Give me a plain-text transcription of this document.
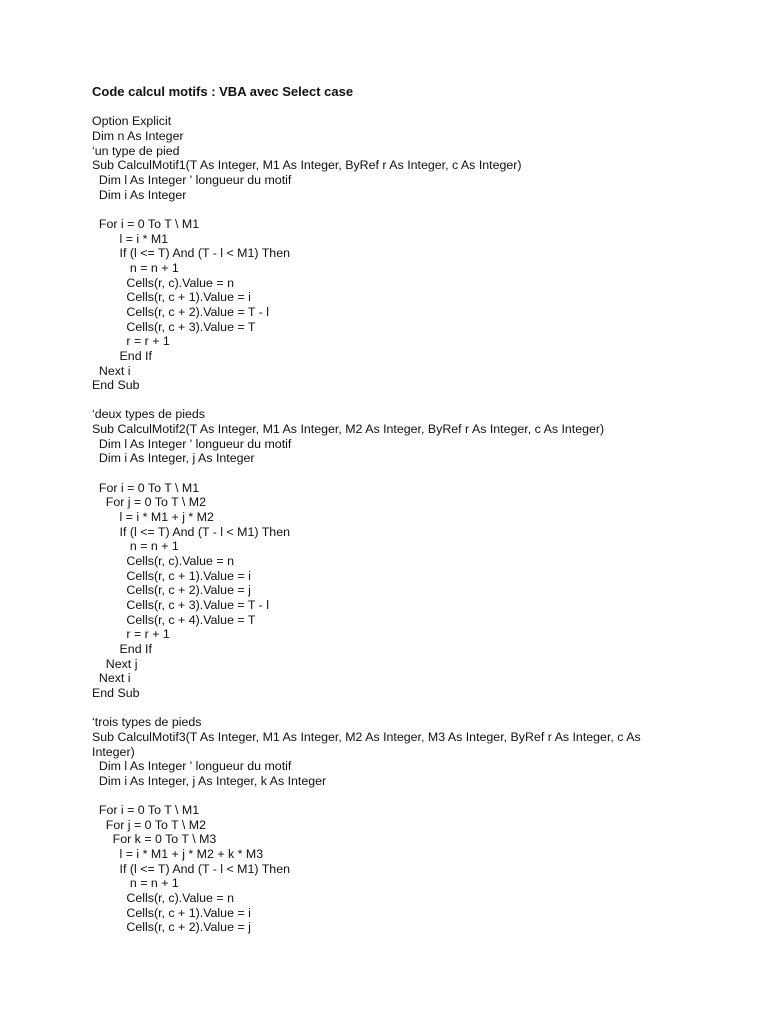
Code calcul motifs : VBA avec Select case
Option Explicit
Dim n As Integer
‘un type de pied
Sub CalculMotif1(T As Integer, M1 As Integer, ByRef r As Integer, c As Integer)
Dim l As Integer ' longueur du motif
Dim i As Integer
For i = 0 To T \ M1
l = i * M1
If (l <= T) And (T - l < M1) Then
n = n + 1
Cells(r, c).Value = n
Cells(r, c + 1).Value = i
Cells(r, c + 2).Value = T - l
Cells(r, c + 3).Value = T
r = r + 1
End If
Next i
End Sub
‘deux types de pieds
Sub CalculMotif2(T As Integer, M1 As Integer, M2 As Integer, ByRef r As Integer, c As Integer)
Dim l As Integer ' longueur du motif
Dim i As Integer, j As Integer
For i = 0 To T \ M1
For j = 0 To T \ M2
l = i * M1 + j * M2
If (l <= T) And (T - l < M1) Then
n = n + 1
Cells(r, c).Value = n
Cells(r, c + 1).Value = i
Cells(r, c + 2).Value = j
Cells(r, c + 3).Value = T - l
Cells(r, c + 4).Value = T
r = r + 1
End If
Next j
Next i
End Sub
‘trois types de pieds
Sub CalculMotif3(T As Integer, M1 As Integer, M2 As Integer, M3 As Integer, ByRef r As Integer, c As
Integer)
Dim l As Integer ' longueur du motif
Dim i As Integer, j As Integer, k As Integer
For i = 0 To T \ M1
For j = 0 To T \ M2
For k = 0 To T \ M3
l = i * M1 + j * M2 + k * M3
If (l <= T) And (T - l < M1) Then
n = n + 1
Cells(r, c).Value = n
Cells(r, c + 1).Value = i
Cells(r, c + 2).Value = j
